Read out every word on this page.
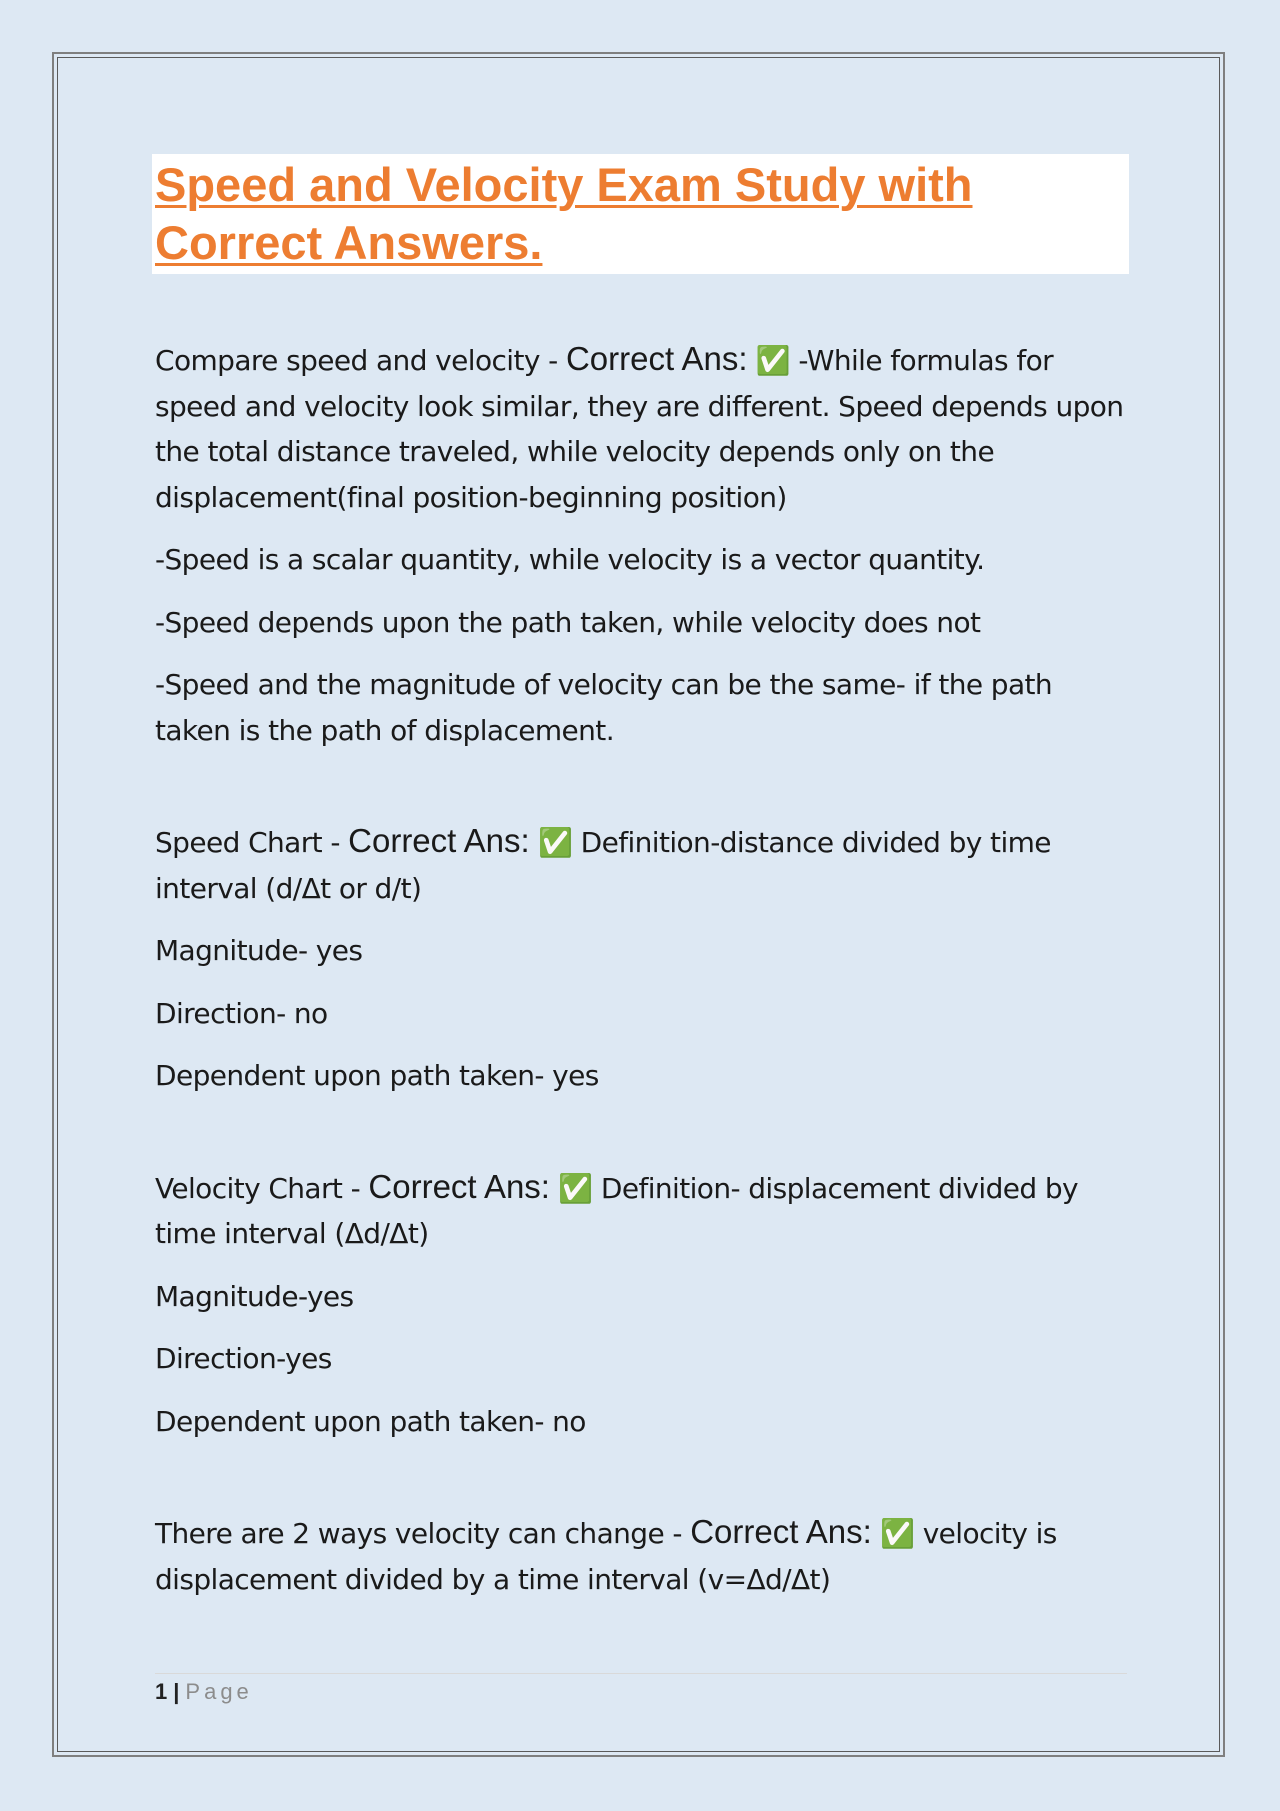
Speed and Velocity Exam Study with Correct Answers.

Compare speed and velocity - Correct Ans: ✅ -While formulas for speed and velocity look similar, they are different. Speed depends upon the total distance traveled, while velocity depends only on the displacement(final position-beginning position)

-Speed is a scalar quantity, while velocity is a vector quantity.

-Speed depends upon the path taken, while velocity does not

-Speed and the magnitude of velocity can be the same- if the path taken is the path of displacement.

Speed Chart - Correct Ans: ✅ Definition-distance divided by time interval (d/Δt or d/t)

Magnitude- yes

Direction- no

Dependent upon path taken- yes

Velocity Chart - Correct Ans: ✅ Definition- displacement divided by time interval (Δd/Δt)

Magnitude-yes

Direction-yes

Dependent upon path taken- no

There are 2 ways velocity can change - Correct Ans: ✅ velocity is displacement divided by a time interval (v=Δd/Δt)

1 | Page
